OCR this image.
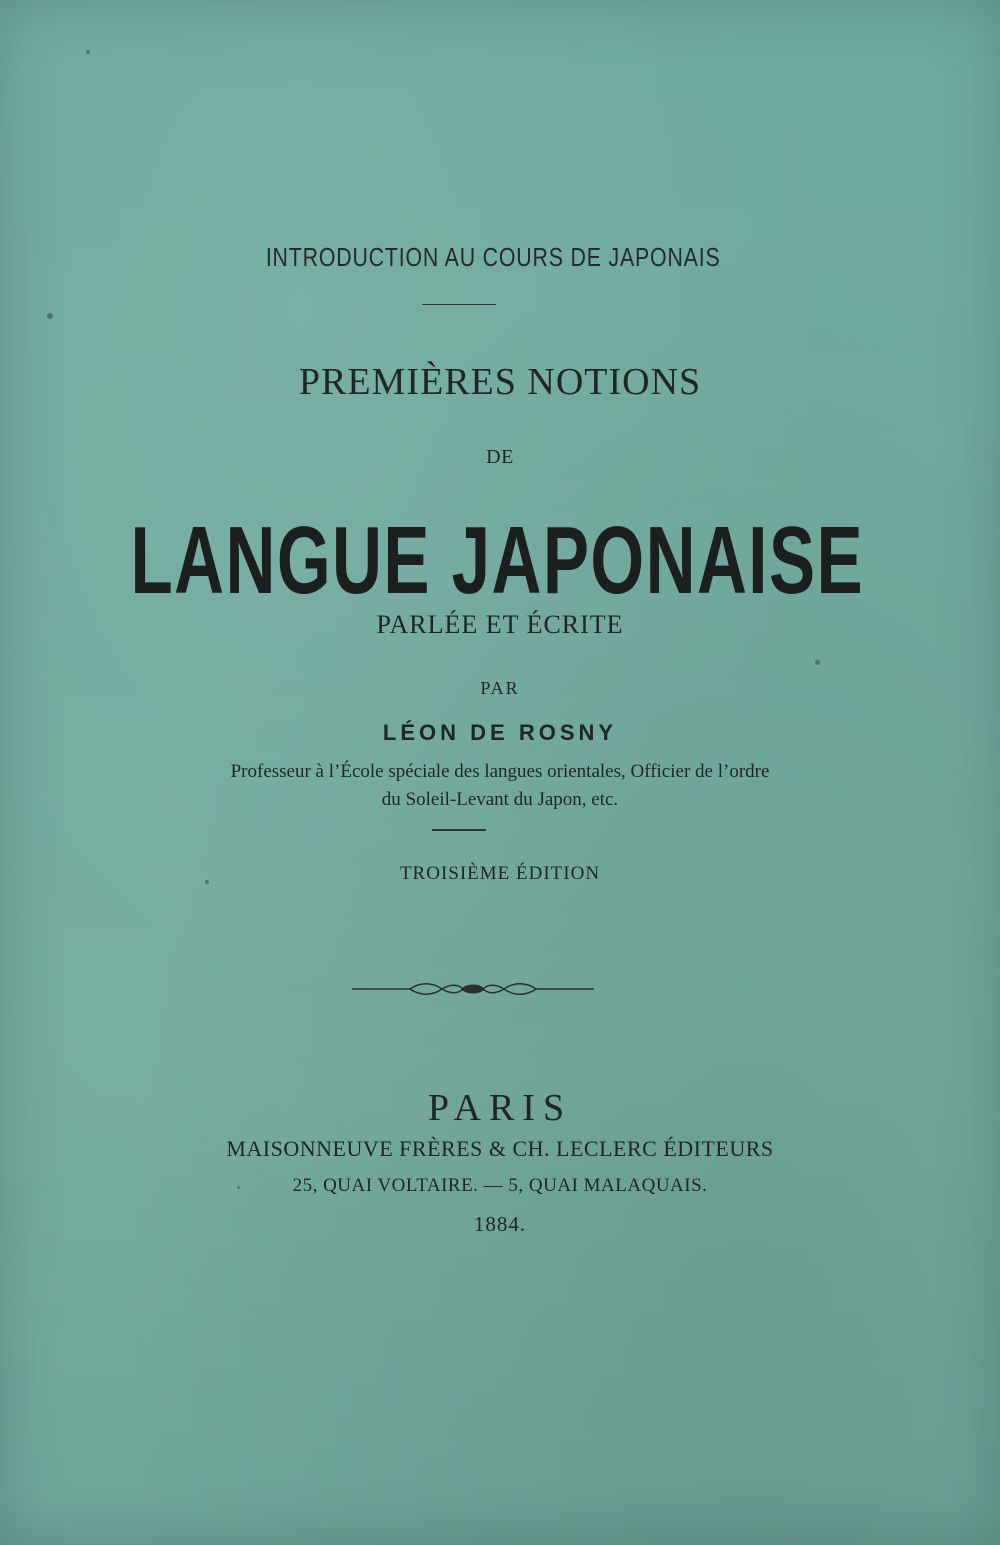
INTRODUCTION AU COURS DE JAPONAIS
PREMIÈRES NOTIONS
DE
LANGUE JAPONAISE
PARLÉE ET ÉCRITE
PAR
LÉON DE ROSNY
Professeur à l’École spéciale des langues orientales, Officier de l’ordre
du Soleil-Levant du Japon, etc.
TROISIÈME ÉDITION
PARIS
MAISONNEUVE FRÈRES & CH. LECLERC ÉDITEURS
25, QUAI VOLTAIRE. — 5, QUAI MALAQUAIS.
1884.
